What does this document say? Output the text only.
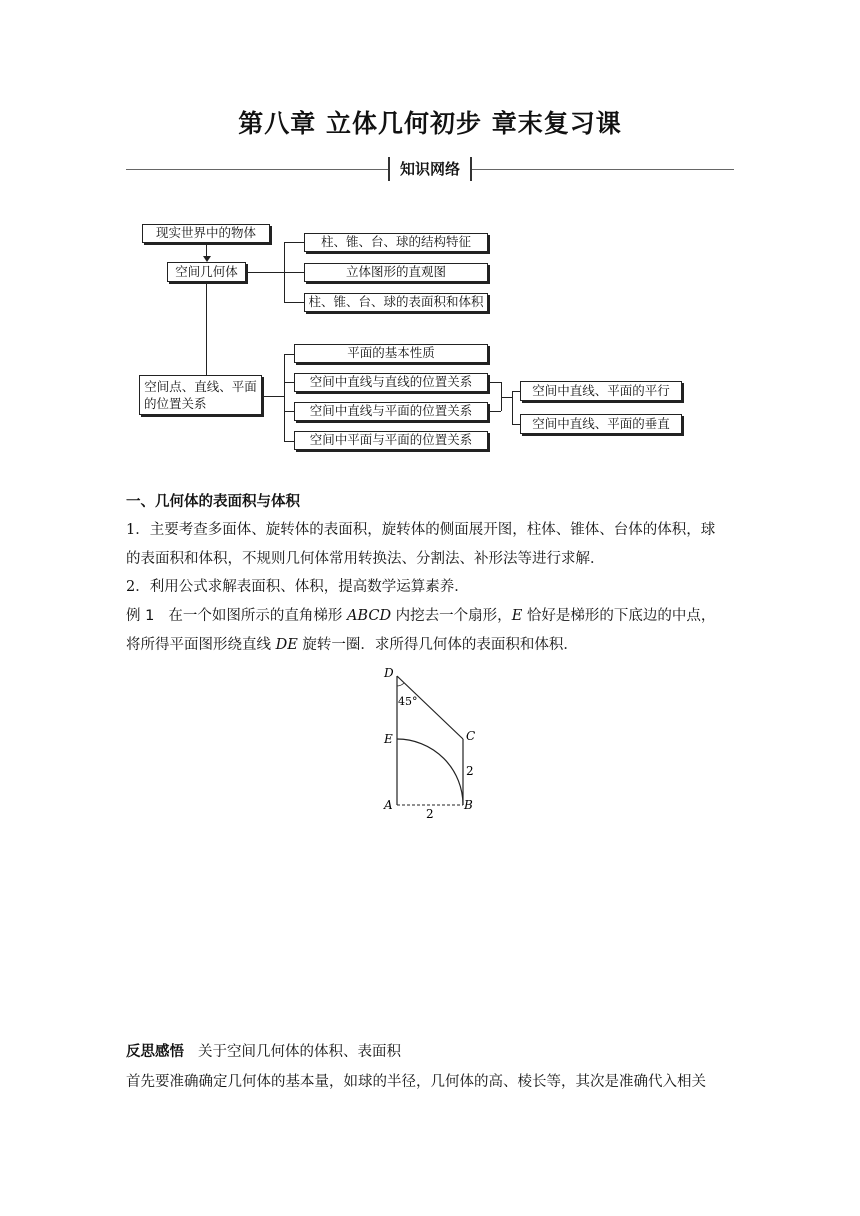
第八章 立体几何初步 章末复习课
知识网络
现实世界中的物体
空间几何体
柱、锥、台、球的结构特征
立体图形的直观图
柱、锥、台、球的表面积和体积
空间点、直线、平面
的位置关系
平面的基本性质
空间中直线与直线的位置关系
空间中直线与平面的位置关系
空间中平面与平面的位置关系
空间中直线、平面的平行
空间中直线、平面的垂直
一、几何体的表面积与体积
1．主要考查多面体、旋转体的表面积，旋转体的侧面展开图，柱体、锥体、台体的体积，球
的表面积和体积，不规则几何体常用转换法、分割法、补形法等进行求解．
2．利用公式求解表面积、体积，提高数学运算素养．
例 1 在一个如图所示的直角梯形 ABCD 内挖去一个扇形，E 恰好是梯形的下底边的中点，
将所得平面图形绕直线 DE 旋转一圈．求所得几何体的表面积和体积．
45°
D
E
A
C
B
2
2
反思感悟 关于空间几何体的体积、表面积
首先要准确确定几何体的基本量，如球的半径，几何体的高、棱长等，其次是准确代入相关
